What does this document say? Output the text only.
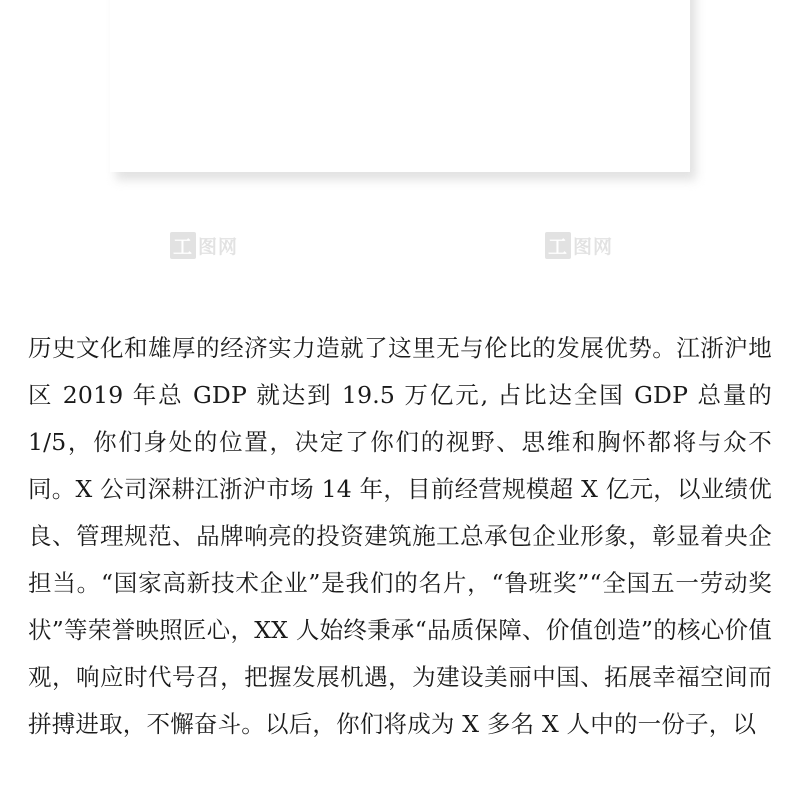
工 图网	工 图网

历史文化和雄厚的经济实力造就了这里无与伦比的发展优势。江浙沪地区 2019 年总 GDP 就达到 19.5 万亿元, 占比达全国 GDP 总量的 1/5，你们身处的位置，决定了你们的视野、思维和胸怀都将与众不同。X 公司深耕江浙沪市场 14 年，目前经营规模超 X 亿元，以业绩优良、管理规范、品牌响亮的投资建筑施工总承包企业形象，彰显着央企担当。“国家高新技术企业”是我们的名片，“鲁班奖”“全国五一劳动奖状”等荣誉映照匠心，XX 人始终秉承“品质保障、价值创造”的核心价值观，响应时代号召，把握发展机遇，为建设美丽中国、拓展幸福空间而拼搏进取，不懈奋斗。以后，你们将成为 X 多名 X 人中的一份子，以
